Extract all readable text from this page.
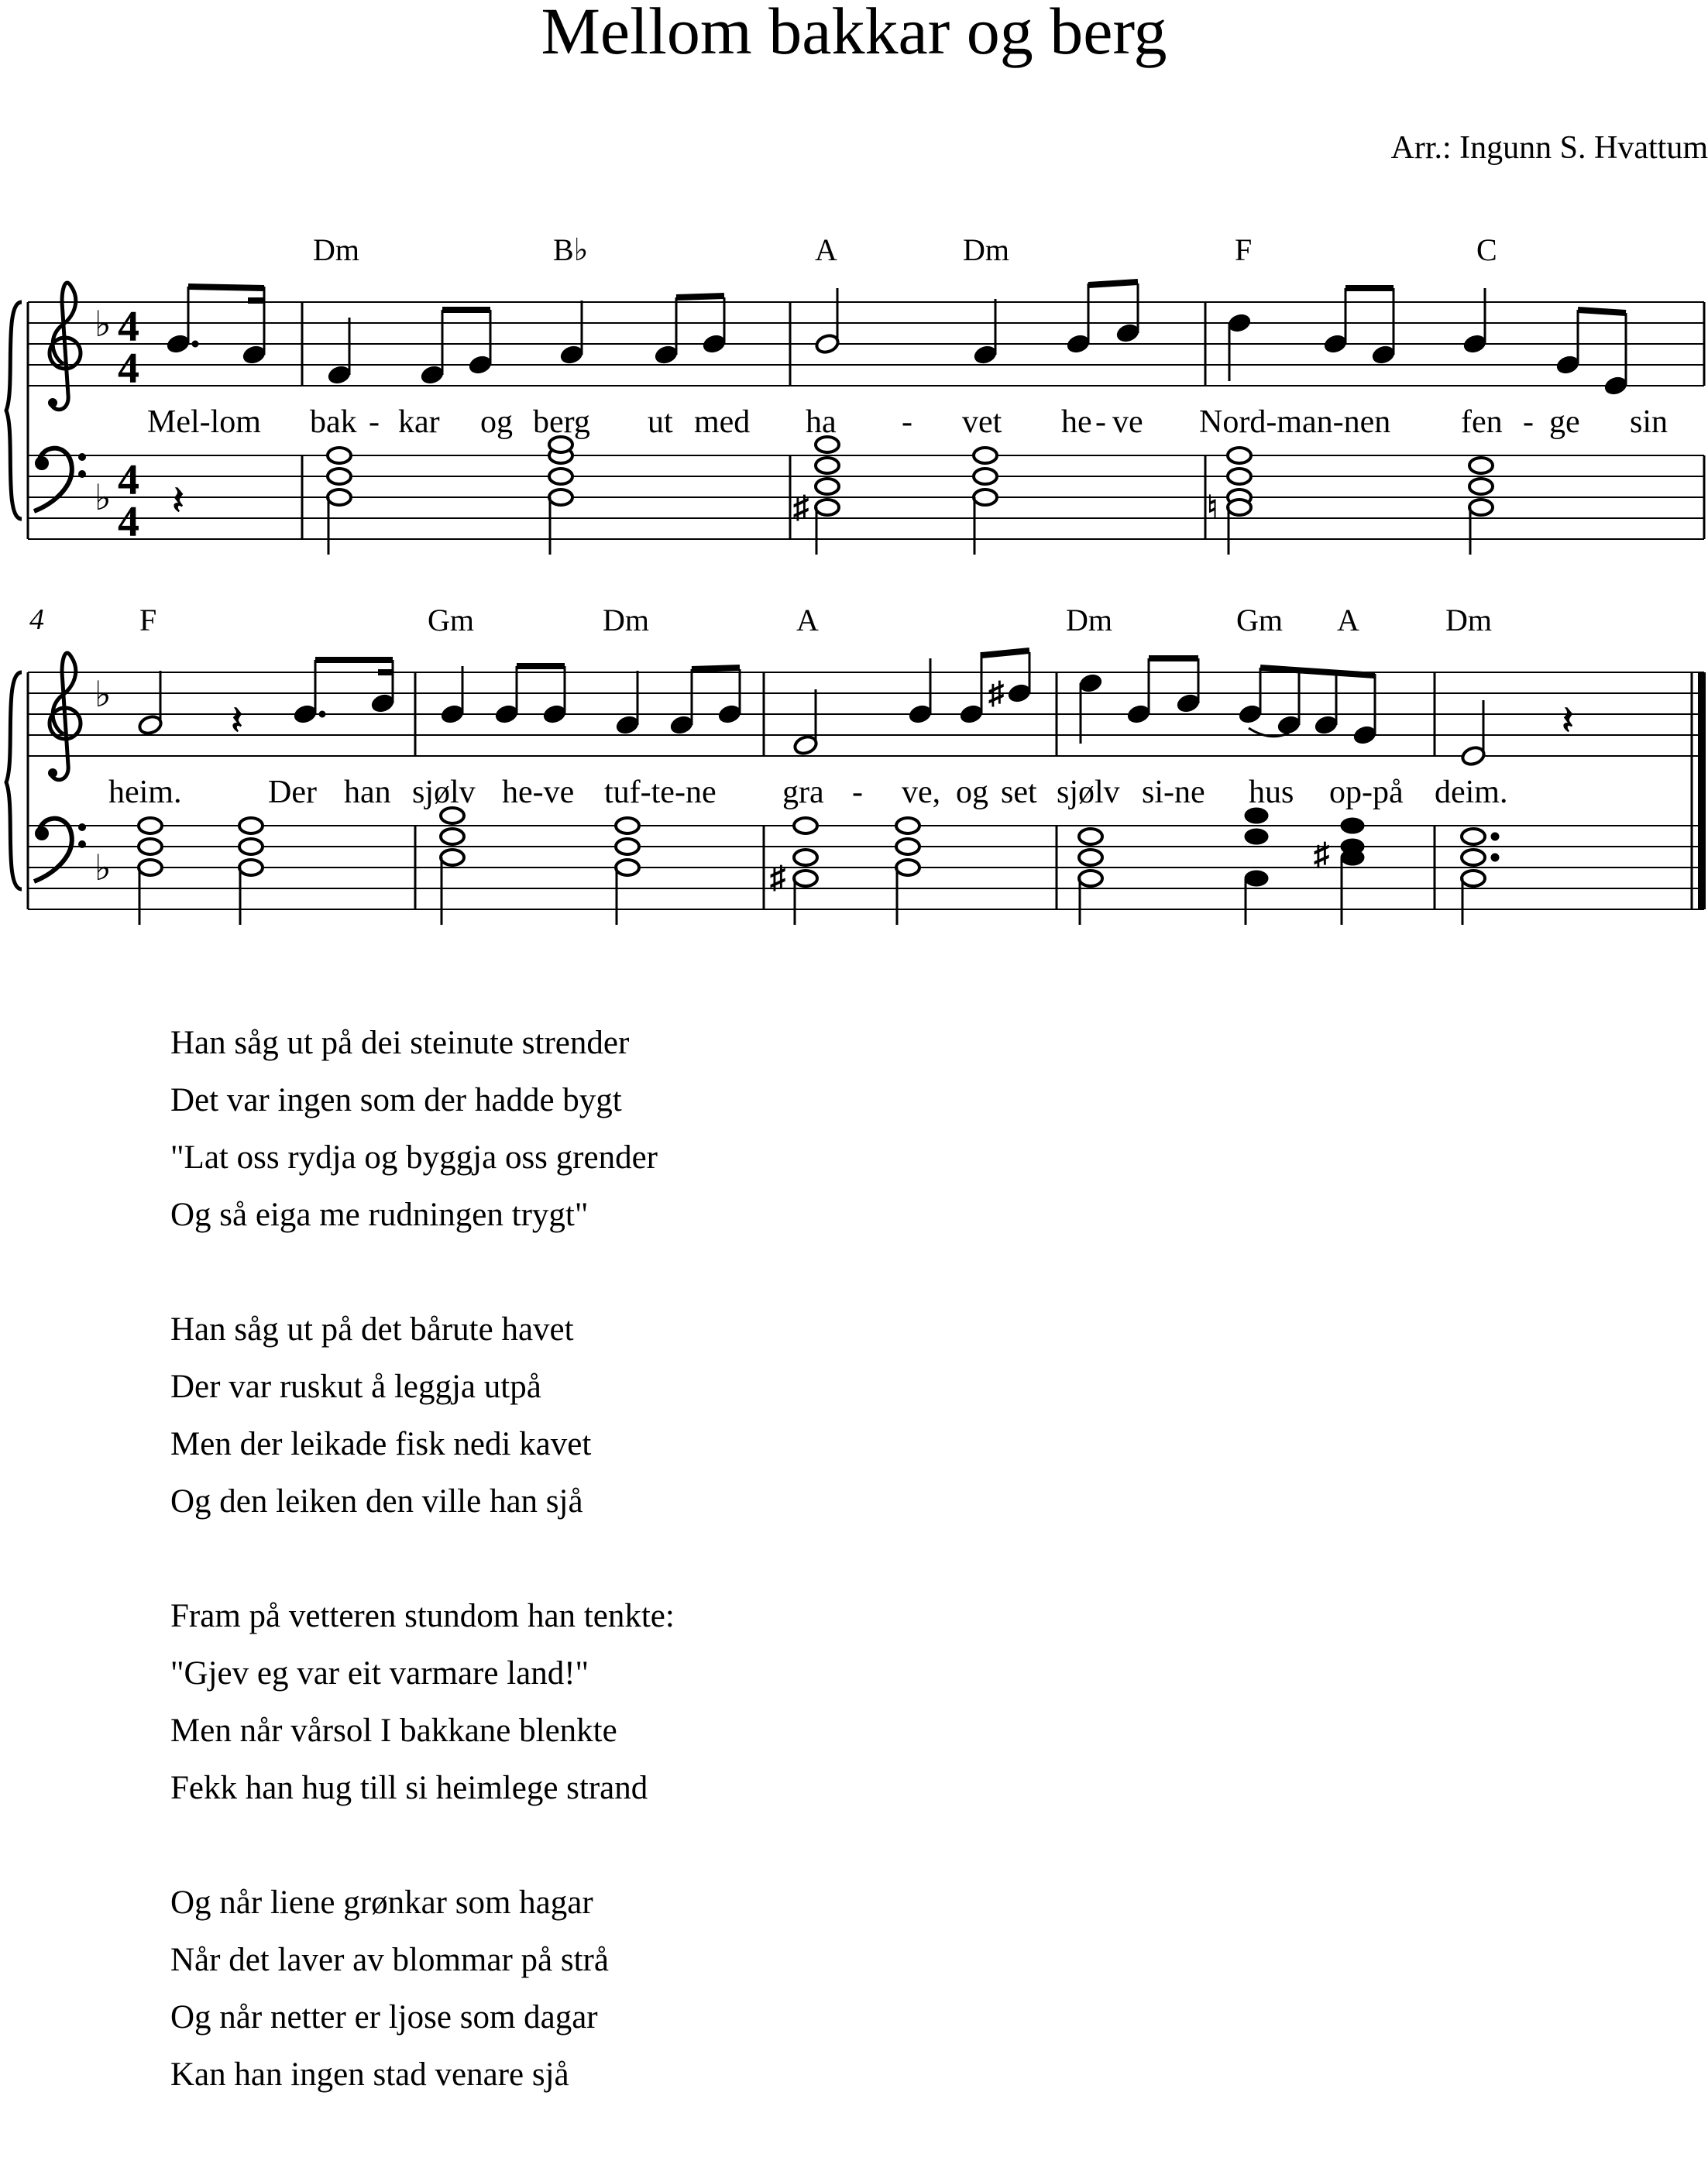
Mellom bakkar og berg
Arr.: Ingunn S. Hvattum
♭
♭
4
4
4
4
Dm	B♭	A	Dm	F	C
𝄽	♯	♮
Mel-lom bak - kar og berg ut med ha - vet he - ve Nord-man-nen fen - ge sin
4
♭
♭
F	Gm	Dm	A	Dm	Gm A	Dm
𝄽
♯
𝄽
♯
♯
heim.	Der han sjølv he-ve tuf-te-ne gra - ve, og set sjølv si-ne hus op-på deim.
Han såg ut på dei steinute strender
Det var ingen som der hadde bygt
"Lat oss rydja og byggja oss grender
Og så eiga me rudningen trygt"
Han såg ut på det bårute havet
Der var ruskut å leggja utpå
Men der leikade fisk nedi kavet
Og den leiken den ville han sjå
Fram på vetteren stundom han tenkte:
"Gjev eg var eit varmare land!"
Men når vårsol I bakkane blenkte
Fekk han hug till si heimlege strand
Og når liene grønkar som hagar
Når det laver av blommar på strå
Og når netter er ljose som dagar
Kan han ingen stad venare sjå
